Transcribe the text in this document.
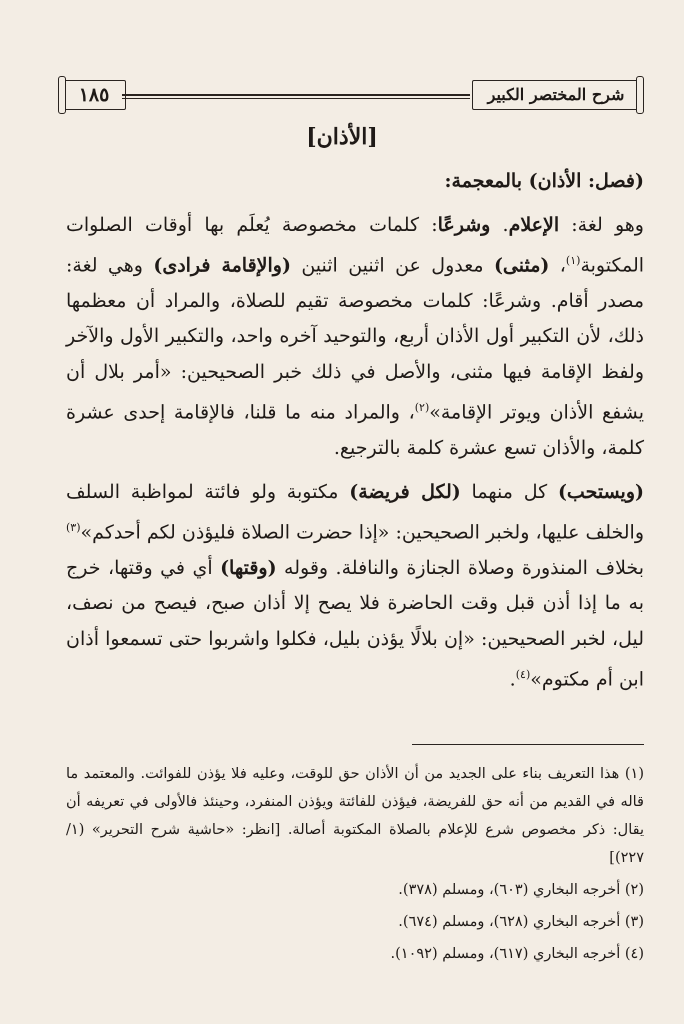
شرح المختصر الكبير
١٨٥
[الأذان]

(فصل: الأذان) بالمعجمة:

وهو لغة: الإعلام. وشرعًا: كلمات مخصوصة يُعلَم بها أوقات الصلوات المكتوبة$^{(١)}$، (مثنى) معدول عن اثنين اثنين (والإقامة فرادى) وهي لغة: مصدر أقام. وشرعًا: كلمات مخصوصة تقيم للصلاة، والمراد أن معظمها ذلك، لأن التكبير أول الأذان أربع، والتوحيد آخره واحد، والتكبير الأول والآخر ولفظ الإقامة فيها مثنى، والأصل في ذلك خبر الصحيحين: «أمر بلال أن يشفع الأذان ويوتر الإقامة»$^{(٢)}$، والمراد منه ما قلنا، فالإقامة إحدى عشرة كلمة، والأذان تسع عشرة كلمة بالترجيع.

(ويستحب) كل منهما (لكل فريضة) مكتوبة ولو فائتة لمواظبة السلف والخلف عليها، ولخبر الصحيحين: «إذا حضرت الصلاة فليؤذن لكم أحدكم»$^{(٣)}$ بخلاف المنذورة وصلاة الجنازة والنافلة. وقوله (وقتها) أي في وقتها، خرج به ما إذا أذن قبل وقت الحاضرة فلا يصح إلا أذان صبح، فيصح من نصف، ليل، لخبر الصحيحين: «إن بلالًا يؤذن بليل، فكلوا واشربوا حتى تسمعوا أذان ابن أم مكتوم»$^{(٤)}$.

(١) هذا التعريف بناء على الجديد من أن الأذان حق للوقت، وعليه فلا يؤذن للفوائت. والمعتمد ما قاله في القديم من أنه حق للفريضة، فيؤذن للفائتة ويؤذن المنفرد، وحينئذ فالأولى في تعريفه أن يقال: ذكر مخصوص شرع للإعلام بالصلاة المكتوبة أصالة. [انظر: «حاشية شرح التحرير» (١/ ٢٢٧)]

(٢) أخرجه البخاري (٦٠٣)، ومسلم (٣٧٨).

(٣) أخرجه البخاري (٦٢٨)، ومسلم (٦٧٤).

(٤) أخرجه البخاري (٦١٧)، ومسلم (١٠٩٢).
